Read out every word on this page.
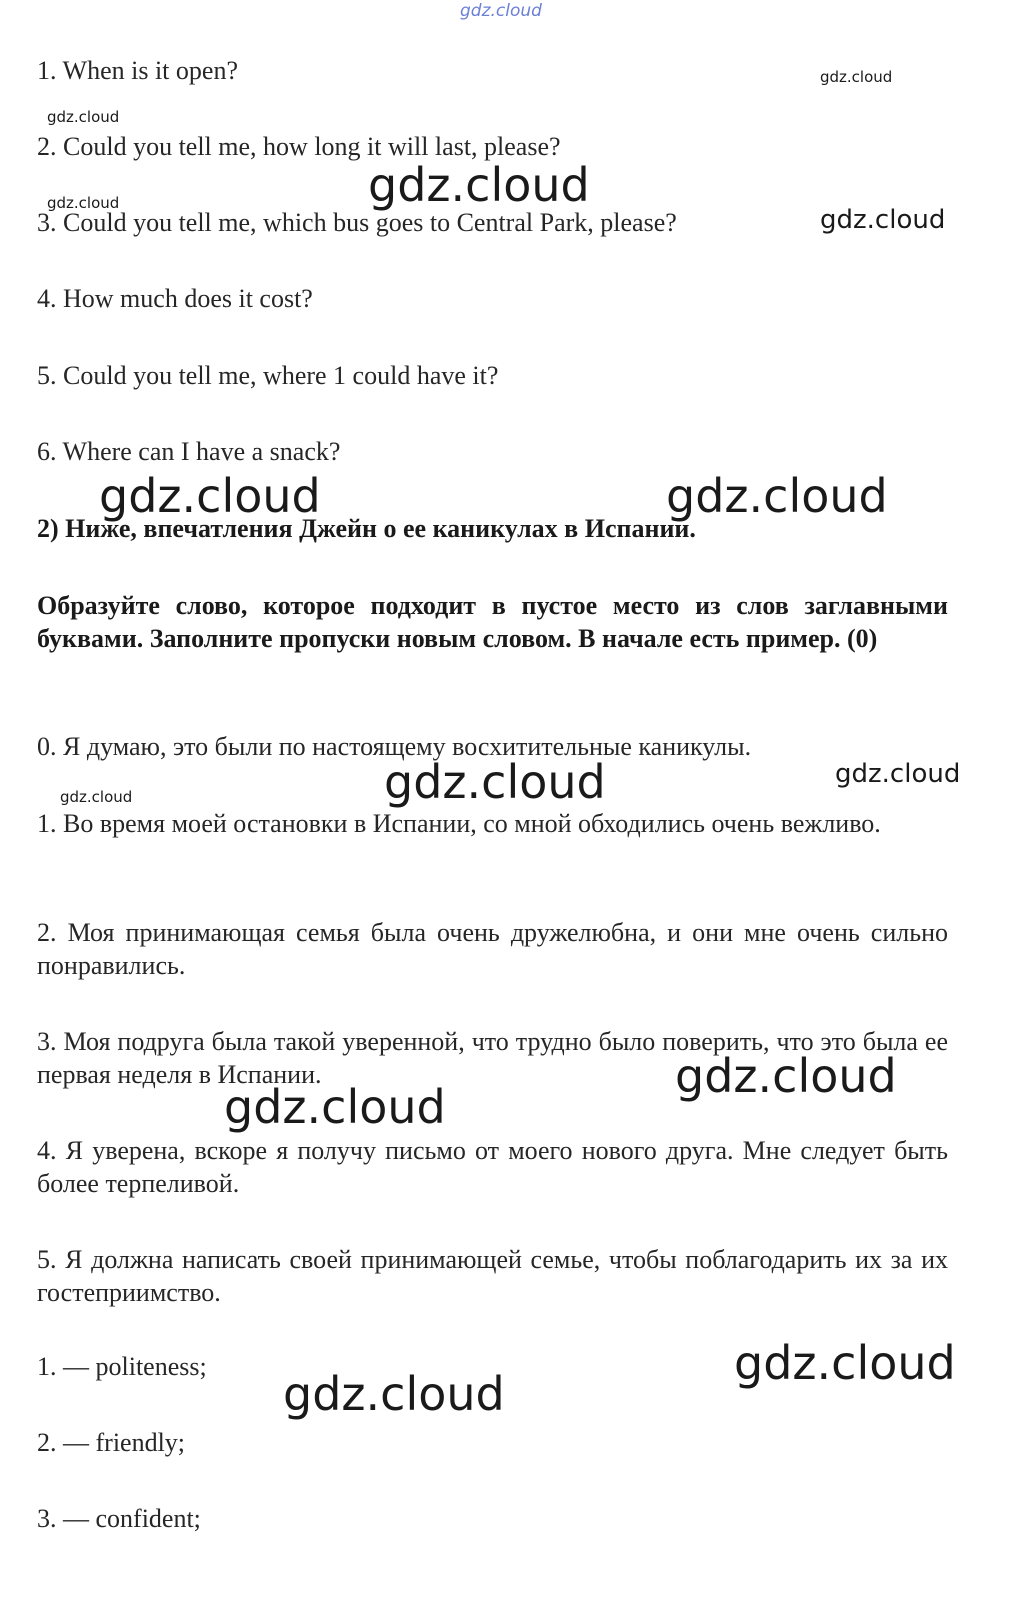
gdz.cloud
gdz.cloud
gdz.cloud
gdz.cloud	gdz.cloud
gdz.cloud
gdz.cloud	gdz.cloud
gdz.cloud	gdz.cloud
gdz.cloud
gdz.cloud
gdz.cloud
gdz.cloud
gdz.cloud
1. When is it open?
2. Could you tell me, how long it will last, please?
3. Could you tell me, which bus goes to Central Park, please?
4. How much does it cost?
5. Could you tell me, where 1 could have it?
6. Where can I have a snack?
2) Ниже, впечатления Джейн о ее каникулах в Испании.
Образуйте слово, которое подходит в пустое место из слов заглавными буквами. Заполните пропуски новым словом. В начале есть пример. (0)
0. Я думаю, это были по настоящему восхитительные каникулы.
1. Во время моей остановки в Испании, со мной обходились очень вежливо.
2. Моя принимающая семья была очень дружелюбна, и они мне очень сильно понравились.
3. Моя подруга была такой уверенной, что трудно было поверить, что это была ее первая неделя в Испании.
4. Я уверена, вскоре я получу письмо от моего нового друга. Мне следует быть более терпеливой.
5. Я должна написать своей принимающей семье, чтобы поблагодарить их за их гостеприимство.
1. — politeness;
2. — friendly;
3. — confident;
